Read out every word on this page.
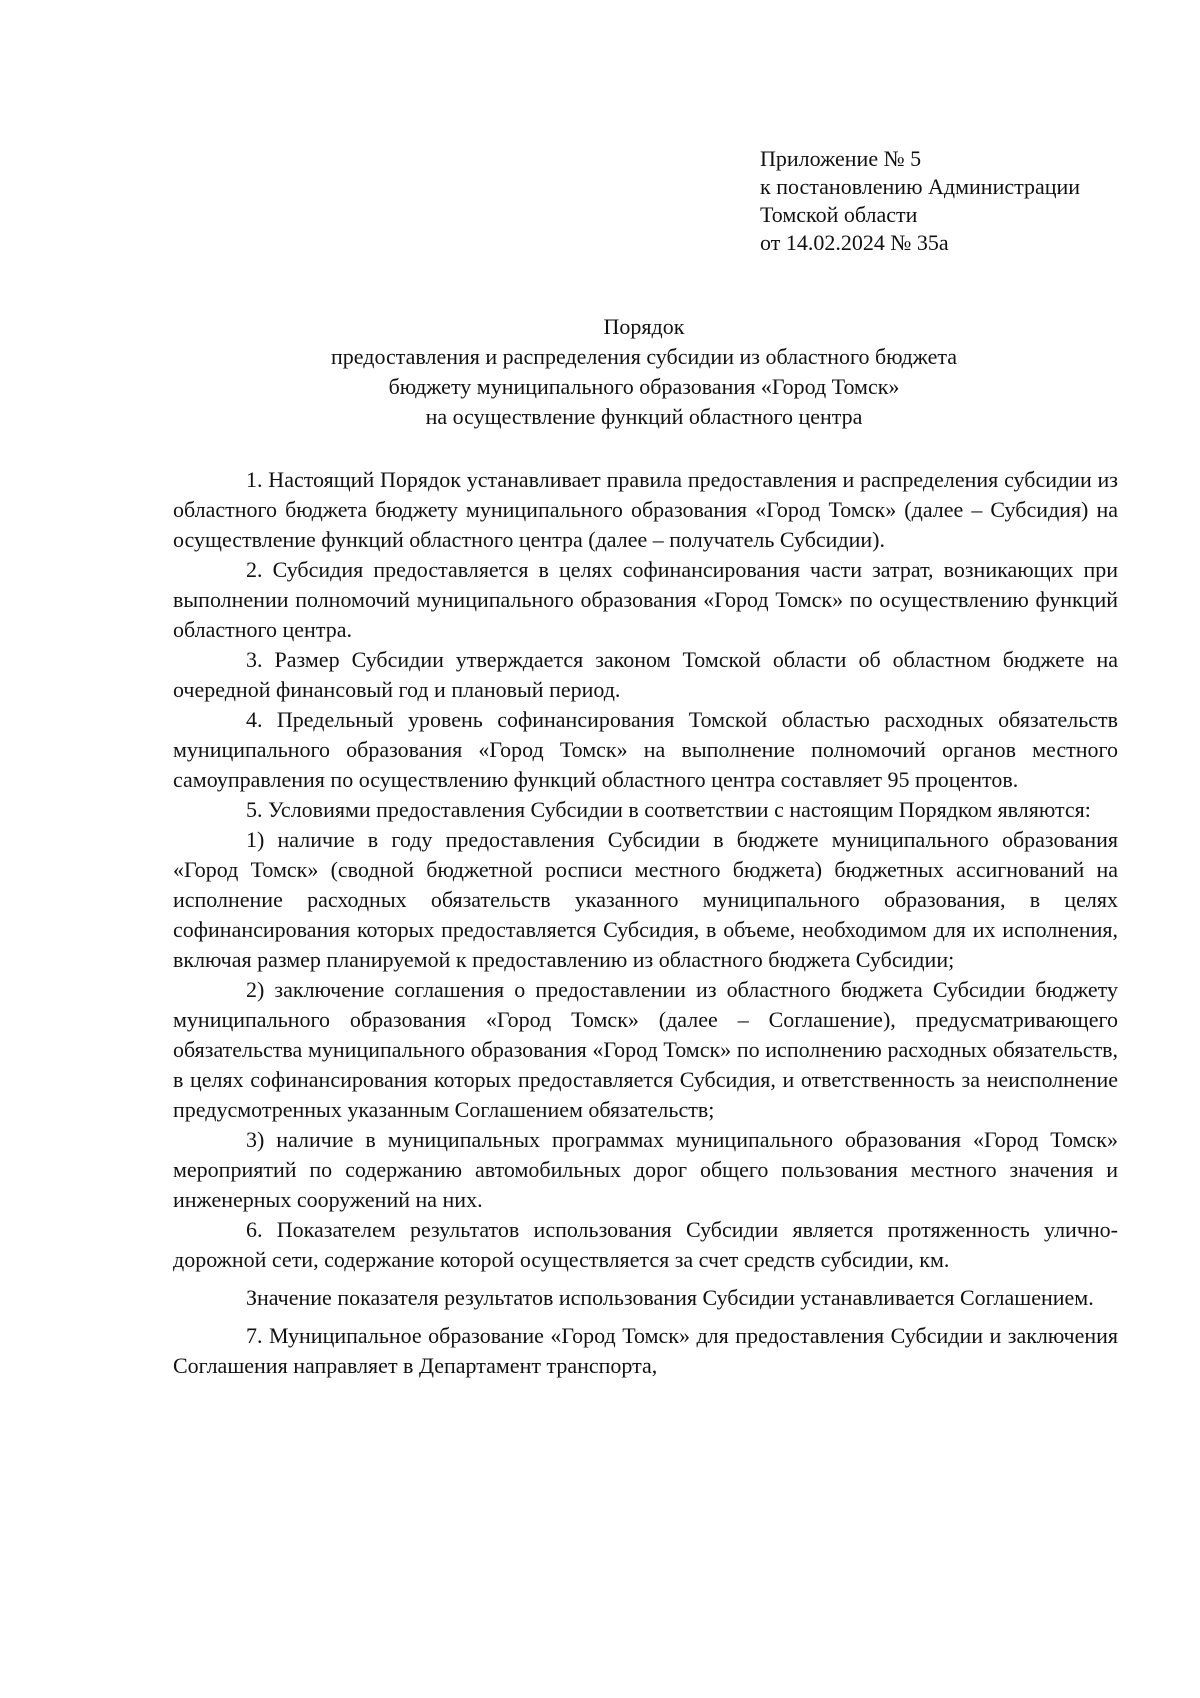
Приложение № 5
к постановлению Администрации
Томской области
от 14.02.2024 № 35а
Порядок
предоставления и распределения субсидии из областного бюджета
бюджету муниципального образования «Город Томск»
на осуществление функций областного центра

1. Настоящий Порядок устанавливает правила предоставления и распределения субсидии из областного бюджета бюджету муниципального образования «Город Томск» (далее – Субсидия) на осуществление функций областного центра (далее – получатель Субсидии).

2. Субсидия предоставляется в целях софинансирования части затрат, возникающих при выполнении полномочий муниципального образования «Город Томск» по осуществлению функций областного центра.

3. Размер Субсидии утверждается законом Томской области об областном бюджете на очередной финансовый год и плановый период.

4. Предельный уровень софинансирования Томской областью расходных обязательств муниципального образования «Город Томск» на выполнение полномочий органов местного самоуправления по осуществлению функций областного центра составляет 95 процентов.

5. Условиями предоставления Субсидии в соответствии с настоящим Порядком являются:

1) наличие в году предоставления Субсидии в бюджете муниципального образования «Город Томск» (сводной бюджетной росписи местного бюджета) бюджетных ассигнований на исполнение расходных обязательств указанного муниципального образования, в целях софинансирования которых предоставляется Субсидия, в объеме, необходимом для их исполнения, включая размер планируемой к предоставлению из областного бюджета Субсидии;

2) заключение соглашения о предоставлении из областного бюджета Субсидии бюджету муниципального образования «Город Томск» (далее – Соглашение), предусматривающего обязательства муниципального образования «Город Томск» по исполнению расходных обязательств, в целях софинансирования которых предоставляется Субсидия, и ответственность за неисполнение предусмотренных указанным Соглашением обязательств;

3) наличие в муниципальных программах муниципального образования «Город Томск» мероприятий по содержанию автомобильных дорог общего пользования местного значения и инженерных сооружений на них.

6. Показателем результатов использования Субсидии является протяженность улично-дорожной сети, содержание которой осуществляется за счет средств субсидии, км.

Значение показателя результатов использования Субсидии устанавливается Соглашением.

7. Муниципальное образование «Город Томск» для предоставления Субсидии и заключения Соглашения направляет в Департамент транспорта,
